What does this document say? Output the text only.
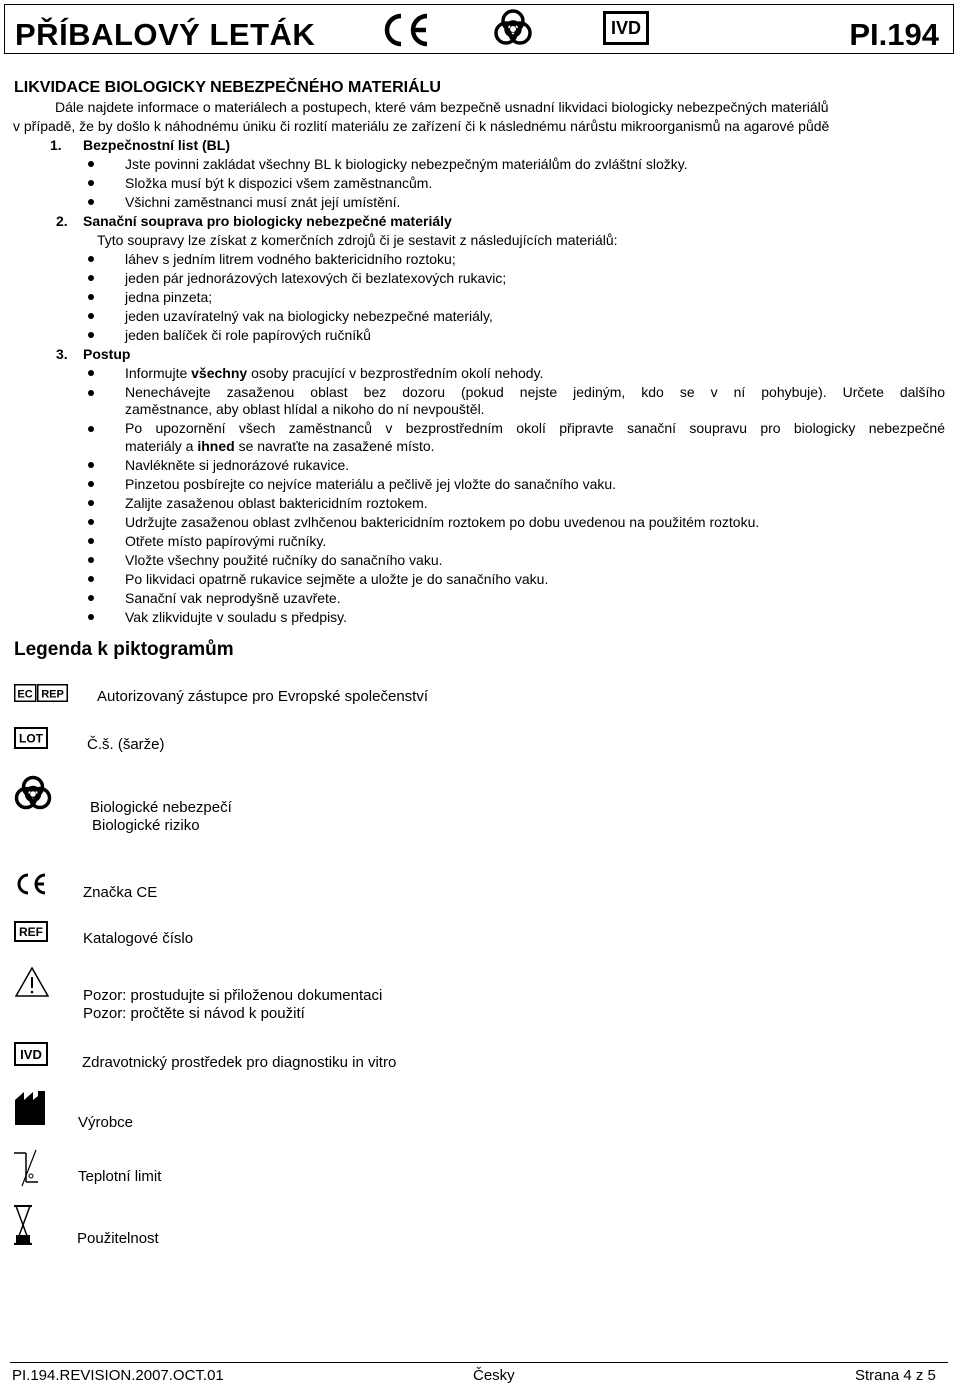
PŘÍBALOVÝ LETÁK	IVD	PI.194
LIKVIDACE BIOLOGICKY NEBEZPEČNÉHO MATERIÁLU
Dále najdete informace o materiálech a postupech, které vám bezpečně usnadní likvidaci biologicky nebezpečných materiálů
v případě, že by došlo k náhodnému úniku či rozlití materiálu ze zařízení či k následnému nárůstu mikroorganismů na agarové půdě
1. Bezpečnostní list (BL)
Jste povinni zakládat všechny BL k biologicky nebezpečným materiálům do zvláštní složky.
Složka musí být k dispozici všem zaměstnancům.
Všichni zaměstnanci musí znát její umístění.
2. Sanační souprava pro biologicky nebezpečné materiály
Tyto soupravy lze získat z komerčních zdrojů či je sestavit z následujících materiálů:
láhev s jedním litrem vodného baktericidního roztoku;
jeden pár jednorázových latexových či bezlatexových rukavic;
jedna pinzeta;
jeden uzavíratelný vak na biologicky nebezpečné materiály,
jeden balíček či role papírových ručníků
3. Postup
Informujte všechny osoby pracující v bezprostředním okolí nehody.
Nenechávejte zasaženou oblast bez dozoru (pokud nejste jediným, kdo se v ní pohybuje). Určete dalšího
zaměstnance, aby oblast hlídal a nikoho do ní nevpouštěl.
Po upozornění všech zaměstnanců v bezprostředním okolí připravte sanační soupravu pro biologicky nebezpečné
materiály a ihned se navraťte na zasažené místo.
Navlékněte si jednorázové rukavice.
Pinzetou posbírejte co nejvíce materiálu a pečlivě jej vložte do sanačního vaku.
Zalijte zasaženou oblast baktericidním roztokem.
Udržujte zasaženou oblast zvlhčenou baktericidním roztokem po dobu uvedenou na použitém roztoku.
Otřete místo papírovými ručníky.
Vložte všechny použité ručníky do sanačního vaku.
Po likvidaci opatrně rukavice sejměte a uložte je do sanačního vaku.
Sanační vak neprodyšně uzavřete.
Vak zlikvidujte v souladu s předpisy.
Legenda k piktogramům
EC REP Autorizovaný zástupce pro Evropské společenství
LOT	Č.š. (šarže)
Biologické nebezpečí
Biologické riziko
Značka CE
REF	Katalogové číslo
Pozor: prostudujte si přiloženou dokumentaci
Pozor: pročtěte si návod k použití
IVD	Zdravotnický prostředek pro diagnostiku in vitro
Výrobce
Teplotní limit
Použitelnost
PI.194.REVISION.2007.OCT.01	Česky	Strana 4 z 5
